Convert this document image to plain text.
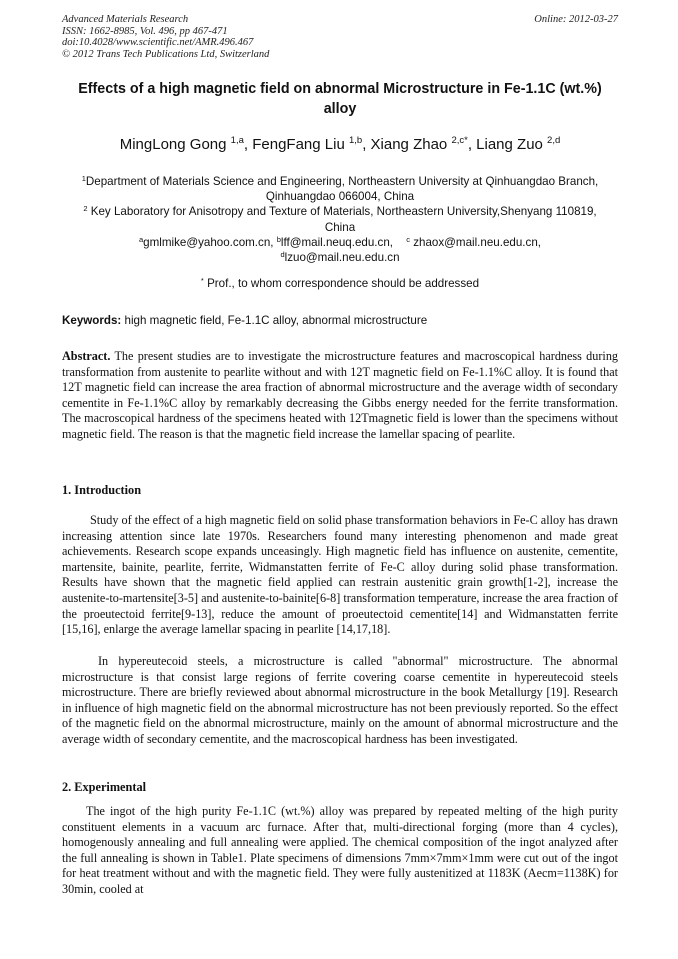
Advanced Materials Research
ISSN: 1662-8985, Vol. 496, pp 467-471
doi:10.4028/www.scientific.net/AMR.496.467
© 2012 Trans Tech Publications Ltd, Switzerland
Online: 2012-03-27
Effects of a high magnetic field on abnormal Microstructure in Fe-1.1C (wt.%) alloy
MingLong Gong $^{1,a}$, FengFang Liu $^{1,b}$, Xiang Zhao $^{2,c*}$, Liang Zuo $^{2,d}$
$^1$Department of Materials Science and Engineering, Northeastern University at Qinhuangdao Branch, Qinhuangdao 066004, China
$^2$ Key Laboratory for Anisotropy and Texture of Materials, Northeastern University,Shenyang 110819, China
$^a$gmlmike@yahoo.com.cn, $^b$lff@mail.neuq.edu.cn, $^c$ zhaox@mail.neu.edu.cn,
$^d$lzuo@mail.neu.edu.cn
* Prof., to whom correspondence should be addressed
Keywords: high magnetic field, Fe-1.1C alloy, abnormal microstructure
Abstract. The present studies are to investigate the microstructure features and macroscopical hardness during transformation from austenite to pearlite without and with 12T magnetic field on Fe-1.1%C alloy. It is found that 12T magnetic field can increase the area fraction of abnormal microstructure and the average width of secondary cementite in Fe-1.1%C alloy by remarkably decreasing the Gibbs energy needed for the ferrite transformation. The macroscopical hardness of the specimens heated with 12Tmagnetic field is lower than the specimens without magnetic field. The reason is that the magnetic field increase the lamellar spacing of pearlite.
1. Introduction
Study of the effect of a high magnetic field on solid phase transformation behaviors in Fe-C alloy has drawn increasing attention since late 1970s. Researchers found many interesting phenomenon and made great achievements. Research scope expands unceasingly. High magnetic field has influence on austenite, cementite, martensite, bainite, pearlite, ferrite, Widmanstatten ferrite of Fe-C alloy during solid phase transformation. Results have shown that the magnetic field applied can restrain austenitic grain growth[1-2], increase the austenite-to-martensite[3-5] and austenite-to-bainite[6-8] transformation temperature, increase the area fraction of the proeutectoid ferrite[9-13], reduce the amount of proeutectoid cementite[14] and Widmanstatten ferrite [15,16], enlarge the average lamellar spacing in pearlite [14,17,18].
In hypereutecoid steels, a microstructure is called "abnormal" microstructure. The abnormal microstructure is that consist large regions of ferrite covering coarse cementite in hypereutecoid steels microstructure. There are briefly reviewed about abnormal microstructure in the book Metallurgy [19]. Research in influence of high magnetic field on the abnormal microstructure has not been previously reported. So the effect of the magnetic field on the abnormal microstructure, mainly on the amount of abnormal microstructure and the average width of secondary cementite, and the macroscopical hardness has been investigated.
2. Experimental
The ingot of the high purity Fe-1.1C (wt.%) alloy was prepared by repeated melting of the high purity constituent elements in a vacuum arc furnace. After that, multi-directional forging (more than 4 cycles), homogenously annealing and full annealing were applied. The chemical composition of the ingot analyzed after the full annealing is shown in Table1. Plate specimens of dimensions 7mm×7mm×1mm were cut out of the ingot for heat treatment without and with the magnetic field. They were fully austenitized at 1183K (Aecm=1138K) for 30min, cooled at
